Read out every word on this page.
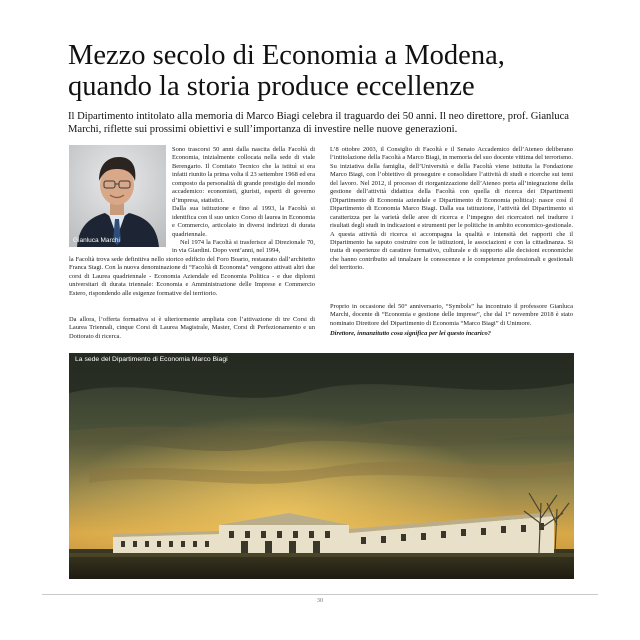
Mezzo secolo di Economia a Modena,
quando la storia produce eccellenze

Il Dipartimento intitolato alla memoria di Marco Biagi celebra il traguardo dei 50 anni. Il neo direttore, prof. Gianluca Marchi, riflette sui prossimi obiettivi e sull’importanza di investire nelle nuove generazioni.

Gianluca Marchi

Sono trascorsi 50 anni dalla nascita della Facoltà di Economia, inizialmente collocata nella sede di viale Berengario. Il Comitato Tecnico che la istituì si era infatti riunito la prima volta il 23 settembre 1968 ed era composto da personalità di grande prestigio del mondo accademico: economisti, giuristi, esperti di governo d’impresa, statistici.

Dalla sua istituzione e fino al 1993, la Facoltà si identifica con il suo unico Corso di laurea in Economia e Commercio, articolato in diversi indirizzi di durata quadriennale.

Nel 1974 la Facoltà si trasferisce al Direzionale 70, in via Giardini. Dopo vent’anni, nel 1994,

la Facoltà trova sede definitiva nello storico edificio del Foro Boario, restaurato dall’architetto Franca Stagi. Con la nuova denominazione di “Facoltà di Economia” vengono attivati altri due corsi di Laurea quadriennale - Economia Aziendale ed Economia Politica - e due diplomi universitari di durata triennale: Economia e Amministrazione delle Imprese e Commercio Estero, rispondendo alle esigenze formative del territorio.

Da allora, l’offerta formativa si è ulteriormente ampliata con l’attivazione di tre Corsi di Laurea Triennali, cinque Corsi di Laurea Magistrale, Master, Corsi di Perfezionamento e un Dottorato di ricerca.

L’8 ottobre 2003, il Consiglio di Facoltà e il Senato Accademico dell’Ateneo deliberano l’intitolazione della Facoltà a Marco Biagi, in memoria del suo docente vittima del terrorismo. Su iniziativa della famiglia, dell’Università e della Facoltà viene istituita la Fondazione Marco Biagi, con l’obiettivo di proseguire e consolidare l’attività di studi e ricerche sui temi del lavoro. Nel 2012, il processo di riorganizzazione dell’Ateneo porta all’integrazione della gestione dell’attività didattica della Facoltà con quella di ricerca dei Dipartimenti (Dipartimento di Economia aziendale e Dipartimento di Economia politica): nasce così il Dipartimento di Economia Marco Biagi. Dalla sua istituzione, l’attività del Dipartimento si caratterizza per la varietà delle aree di ricerca e l’impegno dei ricercatori nel tradurre i risultati degli studi in indicazioni e strumenti per le politiche in ambito economico-gestionale. A questa attività di ricerca si accompagna la qualità e intensità dei rapporti che il Dipartimento ha saputo costruire con le istituzioni, le associazioni e con la cittadinanza. Si tratta di esperienze di carattere formativo, culturale e di supporto alle decisioni economiche che hanno contribuito ad innalzare le conoscenze e le competenze professionali e gestionali del territorio.

Proprio in occasione del 50° anniversario, “Symbols” ha incontrato il professore Gianluca Marchi, docente di “Economia e gestione delle imprese”, che dal 1° novembre 2018 è stato nominato Direttore del Dipartimento di Economia “Marco Biagi” di Unimore.

Direttore, innanzitutto cosa significa per lei questo incarico?

La sede del Dipartimento di Economia Marco Biagi
30
